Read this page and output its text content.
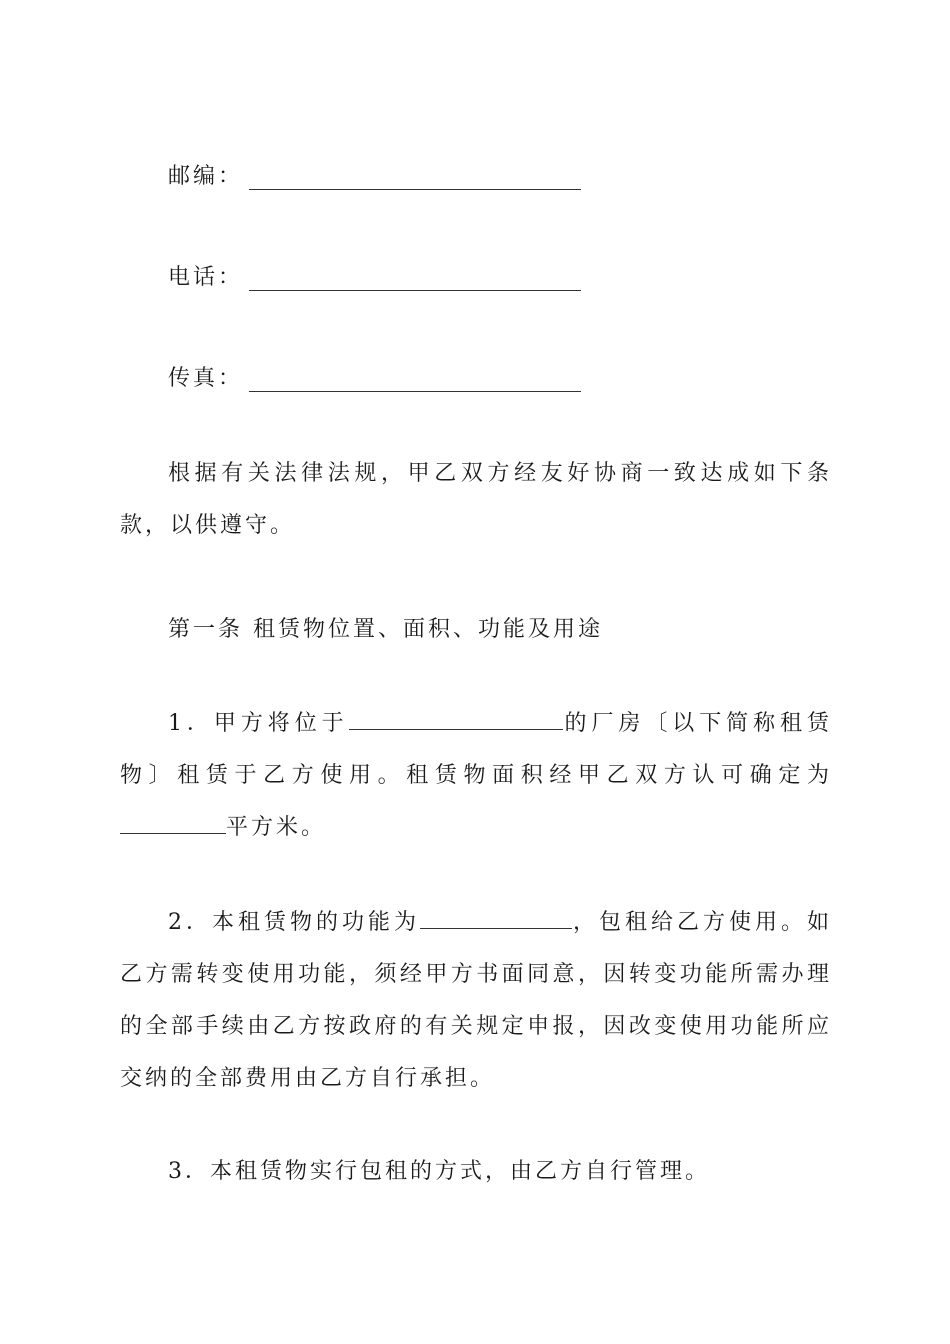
邮编：
电话：
传真：

根据有关法律法规，甲乙双方经友好协商一致达成如下条款，以供遵守。

第一条 租赁物位置、面积、功能及用途

1．甲方将位于	的厂房〔以下简称租赁物〕租赁于乙方使用。租赁物面积经甲乙双方认可确定为平方米。

2．本租赁物的功能为	，包租给乙方使用。如乙方需转变使用功能，须经甲方书面同意，因转变功能所需办理的全部手续由乙方按政府的有关规定申报，因改变使用功能所应交纳的全部费用由乙方自行承担。

3．本租赁物实行包租的方式，由乙方自行管理。
